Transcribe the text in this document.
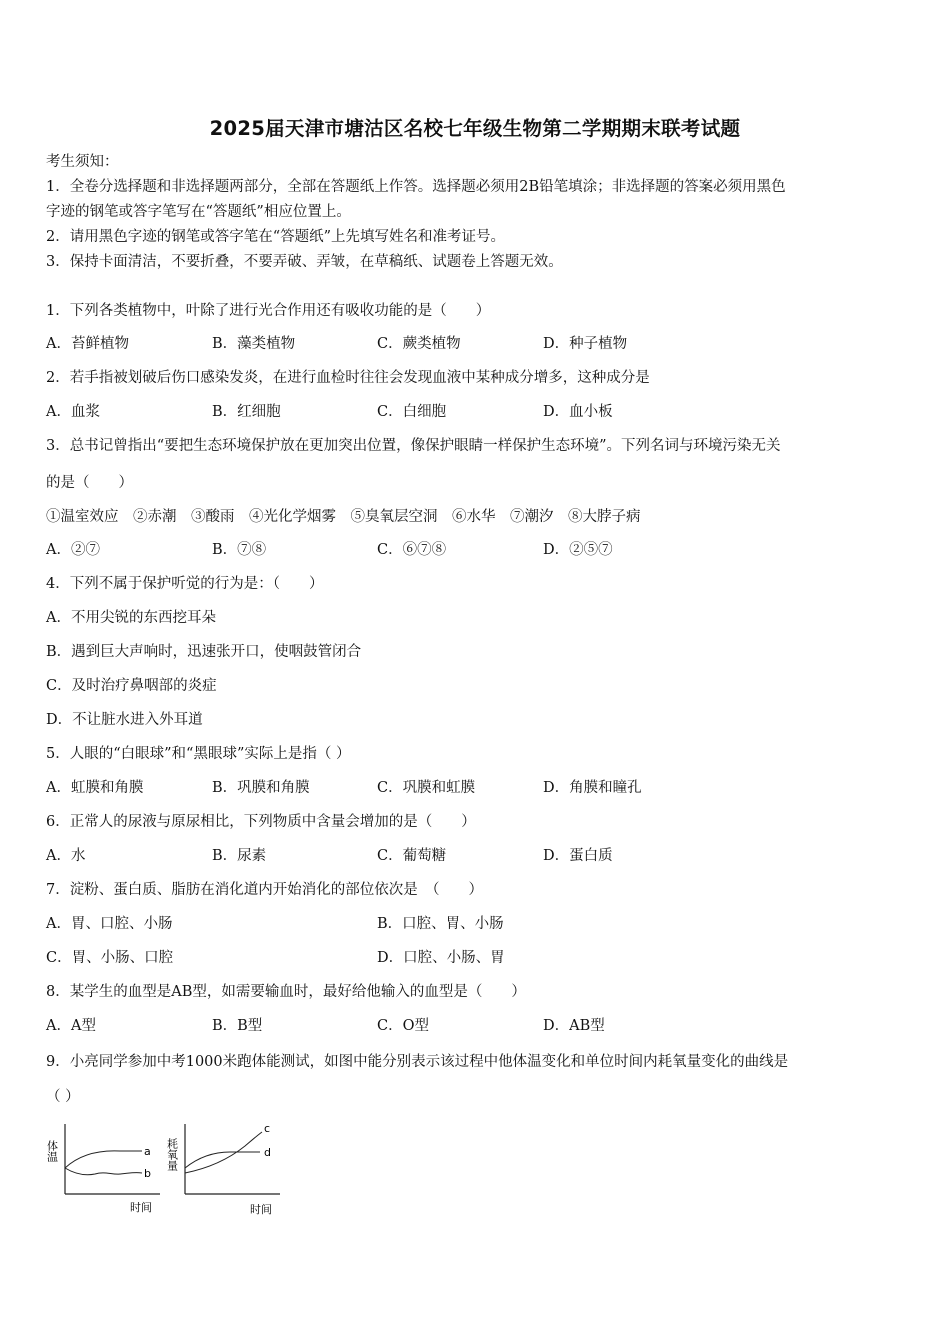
2025届天津市塘沽区名校七年级生物第二学期期末联考试题
考生须知：
1．全卷分选择题和非选择题两部分，全部在答题纸上作答。选择题必须用2B铅笔填涂；非选择题的答案必须用黑色
字迹的钢笔或答字笔写在“答题纸”相应位置上。
2．请用黑色字迹的钢笔或答字笔在“答题纸”上先填写姓名和准考证号。
3．保持卡面清洁，不要折叠，不要弄破、弄皱，在草稿纸、试题卷上答题无效。
1．下列各类植物中，叶除了进行光合作用还有吸收功能的是（　　）
A．苔鲜植物	B．藻类植物	C．蕨类植物	D．种子植物
2．若手指被划破后伤口感染发炎，在进行血检时往往会发现血液中某种成分增多，这种成分是
A．血浆	B．红细胞	C．白细胞	D．血小板
3．总书记曾指出“要把生态环境保护放在更加突出位置，像保护眼睛一样保护生态环境”。下列名词与环境污染无关
的是（　　）
①温室效应　②赤潮　③酸雨　④光化学烟雾　⑤臭氧层空洞　⑥水华　⑦潮汐　⑧大脖子病
A．②⑦	B．⑦⑧	C．⑥⑦⑧	D．②⑤⑦
4．下列不属于保护听觉的行为是：（　　）
A．不用尖锐的东西挖耳朵
B．遇到巨大声响时，迅速张开口，使咽鼓管闭合
C．及时治疗鼻咽部的炎症
D．不让脏水进入外耳道
5．人眼的“白眼球”和“黑眼球”实际上是指（ ）
A．虹膜和角膜	B．巩膜和角膜	C．巩膜和虹膜	D．角膜和瞳孔
6．正常人的尿液与原尿相比，下列物质中含量会增加的是（　　）
A．水	B．尿素	C．葡萄糖	D．蛋白质
7．淀粉、蛋白质、脂肪在消化道内开始消化的部位依次是　（　　）
A．胃、口腔、小肠	B．口腔、胃、小肠
C．胃、小肠、口腔	D．口腔、小肠、胃
8．某学生的血型是AB型，如需要输血时，最好给他输入的血型是（　　）
A．A型	B．B型	C．O型	D．AB型
9．小亮同学参加中考1000米跑体能测试，如图中能分别表示该过程中他体温变化和单位时间内耗氧量变化的曲线是
（ ）
体温
时间
a
b
耗氧量
时间
c
d
